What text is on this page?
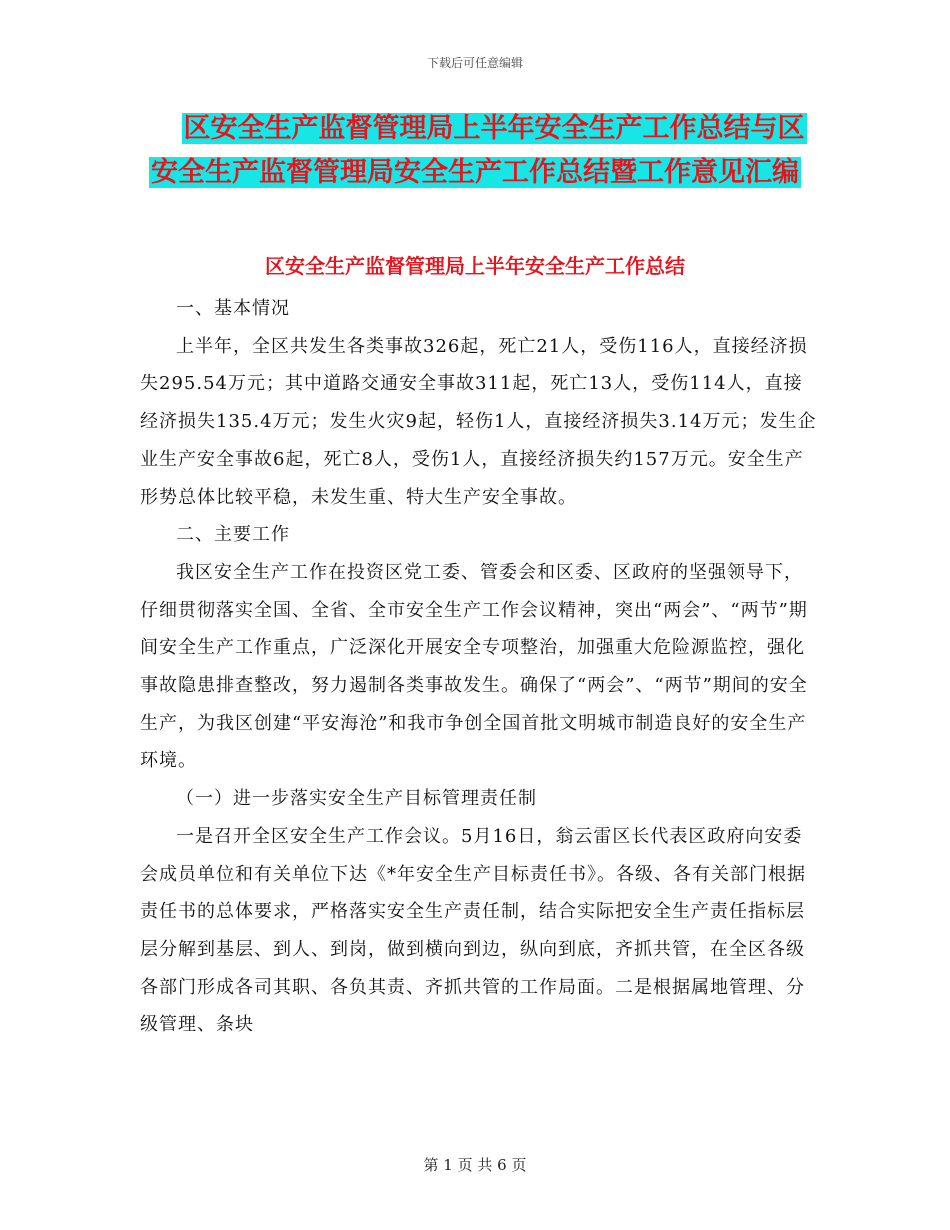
下载后可任意编辑
区安全生产监督管理局上半年安全生产工作总结与区
安全生产监督管理局安全生产工作总结暨工作意见汇编
区安全生产监督管理局上半年安全生产工作总结

一、基本情况

上半年，全区共发生各类事故326起，死亡21人，受伤116人，直接经济损失295.54万元；其中道路交通安全事故311起，死亡13人，受伤114人，直接经济损失135.4万元；发生火灾9起，轻伤1人，直接经济损失3.14万元；发生企业生产安全事故6起，死亡8人，受伤1人，直接经济损失约157万元。安全生产形势总体比较平稳，未发生重、特大生产安全事故。

二、主要工作

我区安全生产工作在投资区党工委、管委会和区委、区政府的坚强领导下，仔细贯彻落实全国、全省、全市安全生产工作会议精神，突出“两会”、“两节”期间安全生产工作重点，广泛深化开展安全专项整治，加强重大危险源监控，强化事故隐患排查整改，努力遏制各类事故发生。确保了“两会”、“两节”期间的安全生产，为我区创建“平安海沧”和我市争创全国首批文明城市制造良好的安全生产环境。

（一）进一步落实安全生产目标管理责任制

一是召开全区安全生产工作会议。5月16日，翁云雷区长代表区政府向安委会成员单位和有关单位下达《*年安全生产目标责任书》。各级、各有关部门根据责任书的总体要求，严格落实安全生产责任制，结合实际把安全生产责任指标层层分解到基层、到人、到岗，做到横向到边，纵向到底，齐抓共管，在全区各级各部门形成各司其职、各负其责、齐抓共管的工作局面。二是根据属地管理、分级管理、条块

第 1 页 共 6 页
